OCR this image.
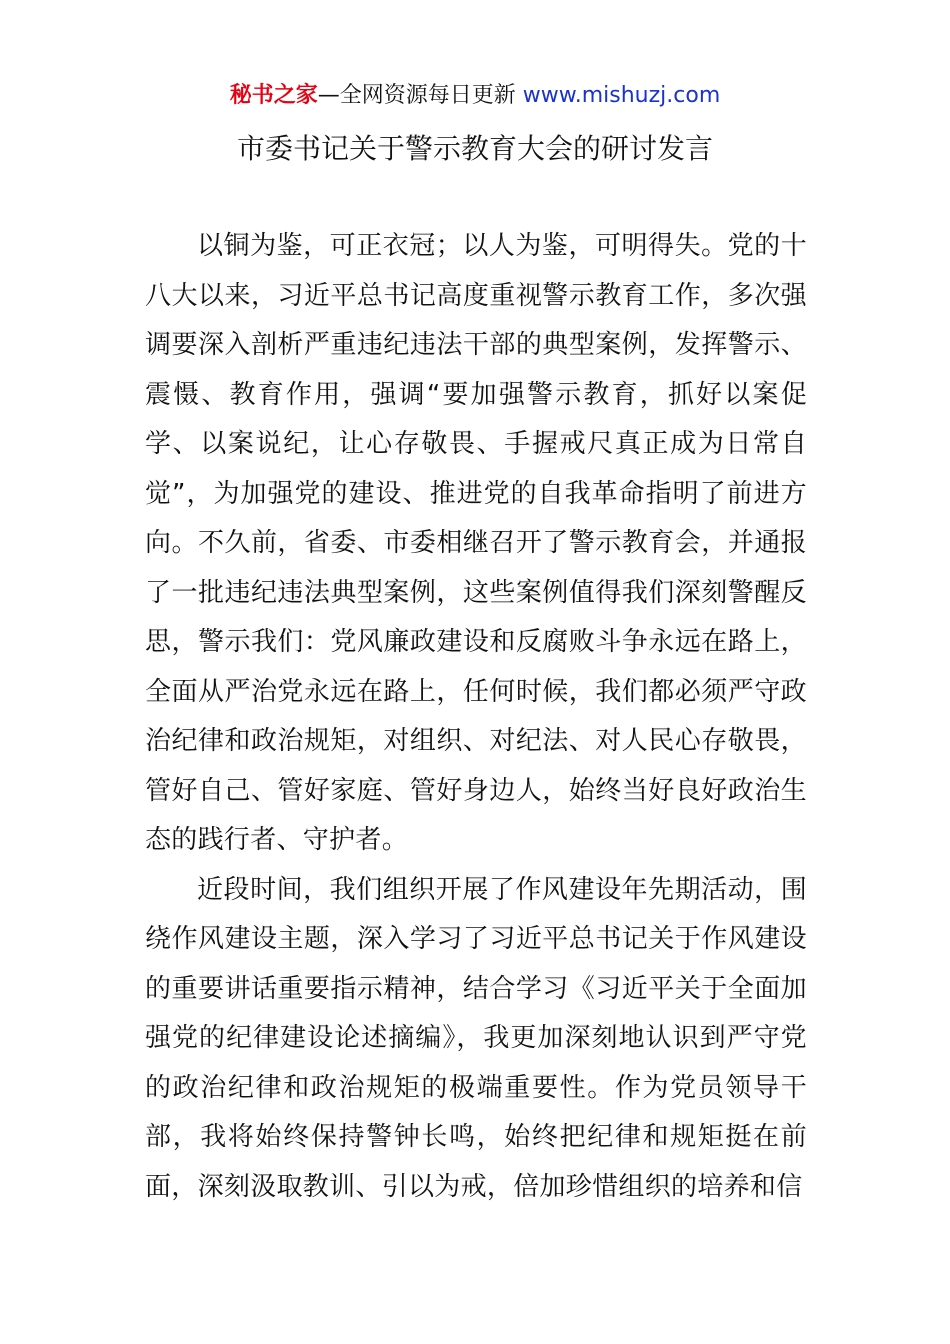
秘书之家—全网资源每日更新 www.mishuzj.com
市委书记关于警示教育大会的研讨发言

以铜为鉴，可正衣冠；以人为鉴，可明得失。党的十八大以来，习近平总书记高度重视警示教育工作，多次强调要深入剖析严重违纪违法干部的典型案例，发挥警示、震慑、教育作用，强调“要加强警示教育，抓好以案促学、以案说纪，让心存敬畏、手握戒尺真正成为日常自觉”，为加强党的建设、推进党的自我革命指明了前进方向。不久前，省委、市委相继召开了警示教育会，并通报了一批违纪违法典型案例，这些案例值得我们深刻警醒反思，警示我们：党风廉政建设和反腐败斗争永远在路上，全面从严治党永远在路上，任何时候，我们都必须严守政治纪律和政治规矩，对组织、对纪法、对人民心存敬畏，管好自己、管好家庭、管好身边人，始终当好良好政治生态的践行者、守护者。

近段时间，我们组织开展了作风建设年先期活动，围绕作风建设主题，深入学习了习近平总书记关于作风建设的重要讲话重要指示精神，结合学习《习近平关于全面加强党的纪律建设论述摘编》，我更加深刻地认识到严守党的政治纪律和政治规矩的极端重要性。作为党员领导干部，我将始终保持警钟长鸣，始终把纪律和规矩挺在前面，深刻汲取教训、引以为戒，倍加珍惜组织的培养和信
